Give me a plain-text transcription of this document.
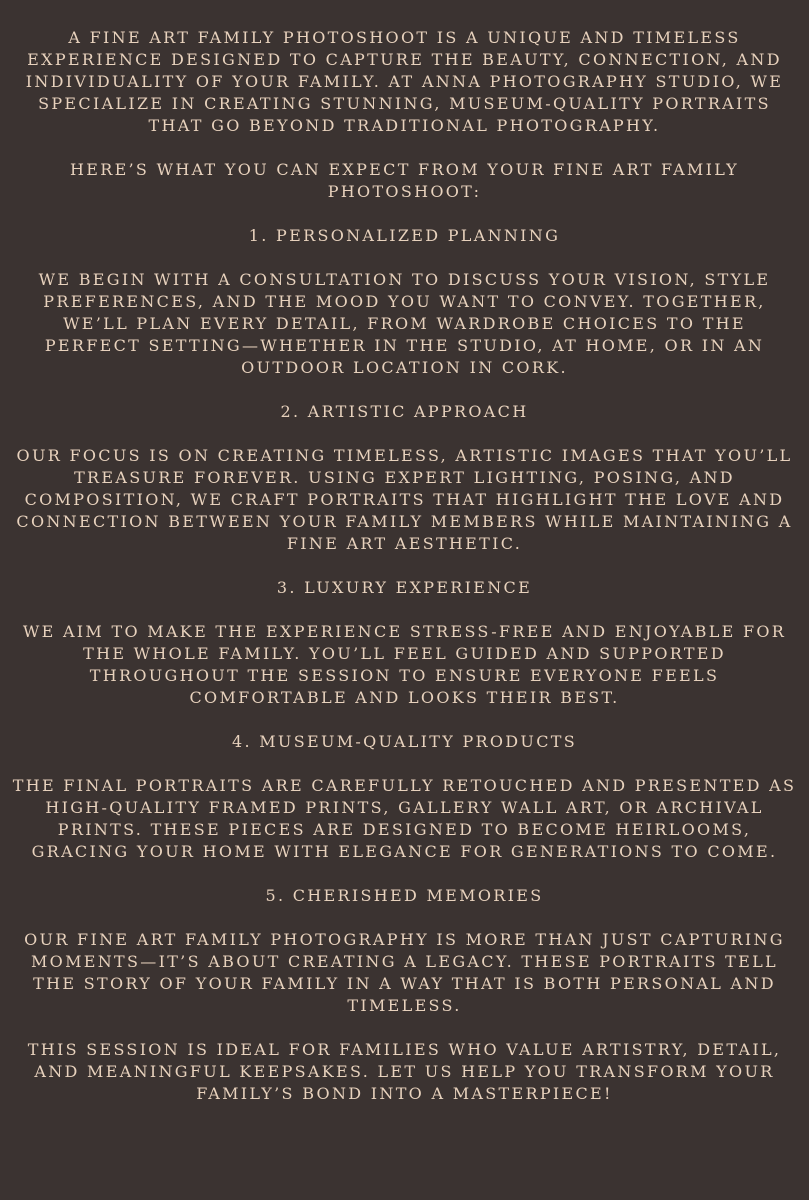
A FINE ART FAMILY PHOTOSHOOT IS A UNIQUE AND TIMELESS EXPERIENCE DESIGNED TO CAPTURE THE BEAUTY, CONNECTION, AND INDIVIDUALITY OF YOUR FAMILY. AT ANNA PHOTOGRAPHY STUDIO, WE SPECIALIZE IN CREATING STUNNING, MUSEUM-QUALITY PORTRAITS THAT GO BEYOND TRADITIONAL PHOTOGRAPHY.

HERE’S WHAT YOU CAN EXPECT FROM YOUR FINE ART FAMILY PHOTOSHOOT:

1. PERSONALIZED PLANNING

WE BEGIN WITH A CONSULTATION TO DISCUSS YOUR VISION, STYLE PREFERENCES, AND THE MOOD YOU WANT TO CONVEY. TOGETHER, WE’LL PLAN EVERY DETAIL, FROM WARDROBE CHOICES TO THE PERFECT SETTING—WHETHER IN THE STUDIO, AT HOME, OR IN AN OUTDOOR LOCATION IN CORK.

2. ARTISTIC APPROACH

OUR FOCUS IS ON CREATING TIMELESS, ARTISTIC IMAGES THAT YOU’LL TREASURE FOREVER. USING EXPERT LIGHTING, POSING, AND COMPOSITION, WE CRAFT PORTRAITS THAT HIGHLIGHT THE LOVE AND CONNECTION BETWEEN YOUR FAMILY MEMBERS WHILE MAINTAINING A FINE ART AESTHETIC.

3. LUXURY EXPERIENCE

WE AIM TO MAKE THE EXPERIENCE STRESS-FREE AND ENJOYABLE FOR THE WHOLE FAMILY. YOU’LL FEEL GUIDED AND SUPPORTED THROUGHOUT THE SESSION TO ENSURE EVERYONE FEELS COMFORTABLE AND LOOKS THEIR BEST.

4. MUSEUM-QUALITY PRODUCTS

THE FINAL PORTRAITS ARE CAREFULLY RETOUCHED AND PRESENTED AS HIGH-QUALITY FRAMED PRINTS, GALLERY WALL ART, OR ARCHIVAL PRINTS. THESE PIECES ARE DESIGNED TO BECOME HEIRLOOMS, GRACING YOUR HOME WITH ELEGANCE FOR GENERATIONS TO COME.

5. CHERISHED MEMORIES

OUR FINE ART FAMILY PHOTOGRAPHY IS MORE THAN JUST CAPTURING MOMENTS—IT’S ABOUT CREATING A LEGACY. THESE PORTRAITS TELL THE STORY OF YOUR FAMILY IN A WAY THAT IS BOTH PERSONAL AND TIMELESS.

THIS SESSION IS IDEAL FOR FAMILIES WHO VALUE ARTISTRY, DETAIL, AND MEANINGFUL KEEPSAKES. LET US HELP YOU TRANSFORM YOUR FAMILY’S BOND INTO A MASTERPIECE!
